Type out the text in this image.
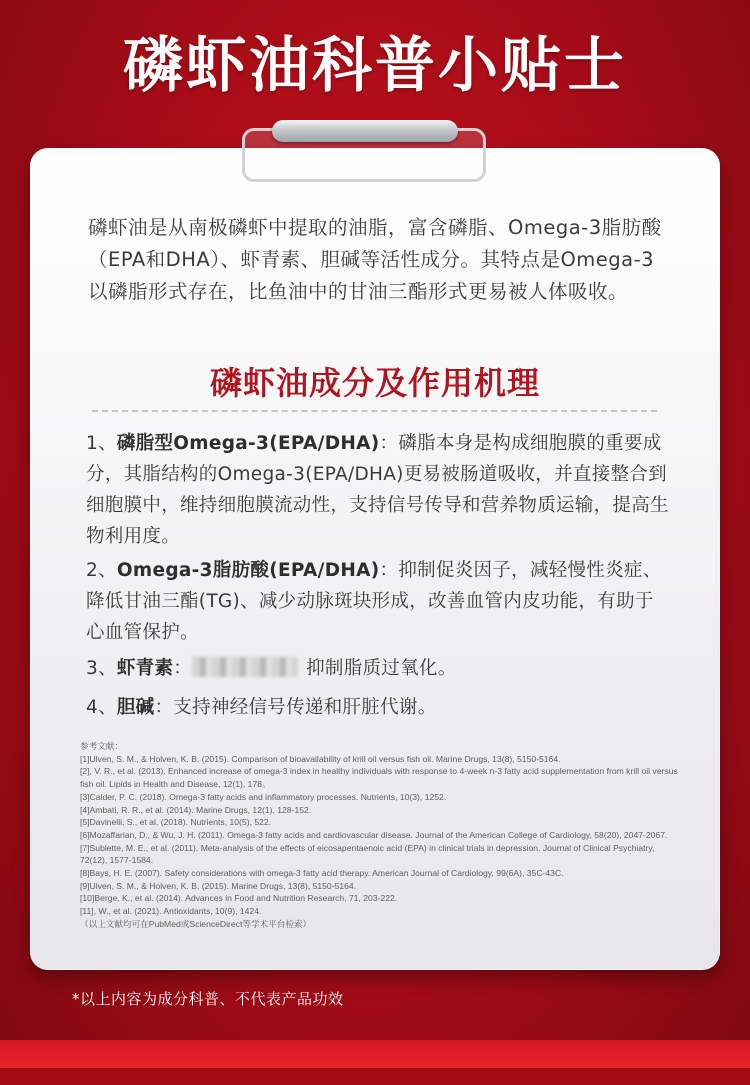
磷虾油科普小贴士
磷虾油是从南极磷虾中提取的油脂，富含磷脂、Omega-3脂肪酸（EPA和DHA）、虾青素、胆碱等活性成分。其特点是Omega-3以磷脂形式存在，比鱼油中的甘油三酯形式更易被人体吸收。
磷虾油成分及作用机理
1、磷脂型Omega-3(EPA/DHA)：磷脂本身是构成细胞膜的重要成分，其脂结构的Omega-3(EPA/DHA)更易被肠道吸收，并直接整合到细胞膜中，维持细胞膜流动性，支持信号传导和营养物质运输，提高生物利用度。
2、Omega-3脂肪酸(EPA/DHA)：抑制促炎因子，减轻慢性炎症、降低甘油三酯(TG)、减少动脉斑块形成，改善血管内皮功能，有助于心血管保护。
3、虾青素：	抑制脂质过氧化。
4、胆碱：支持神经信号传递和肝脏代谢。
参考文献：
[1]Ulven, S. M., & Holven, K. B. (2015). Comparison of bioavailability of krill oil versus fish oil. Marine Drugs, 13(8), 5150-5164.
[2], V. R., et al. (2013). Enhanced increase of omega-3 index in healthy individuals with response to 4-week n-3 fatty acid supplementation from krill oil versus fish oil. Lipids in Health and Disease, 12(1), 178。
[3]Calder, P. C. (2018). Omega-3 fatty acids and inflammatory processes. Nutrients, 10(3), 1252.
[4]Ambati, R. R., et al. (2014). Marine Drugs, 12(1), 128-152.
[5]Davinelli, S., et al. (2018). Nutrients, 10(5), 522.
[6]Mozaffarian, D., & Wu, J. H. (2011). Omega-3 fatty acids and cardiovascular disease. Journal of the American College of Cardiology, 58(20), 2047-2067.
[7]Sublette, M. E., et al. (2011). Meta-analysis of the effects of eicosapentaenoic acid (EPA) in clinical trials in depression. Journal of Clinical Psychiatry, 72(12), 1577-1584.
[8]Bays, H. E. (2007). Safety considerations with omega-3 fatty acid therapy. American Journal of Cardiology, 99(6A), 35C-43C.
[9]Ulven, S. M., & Holven, K. B. (2015). Marine Drugs, 13(8), 5150-5164.
[10]Berge, K., et al. (2014). Advances in Food and Nutrition Research, 71, 203-222.
[11], W., et al. (2021). Antioxidants, 10(9), 1424.
（以上文献均可在PubMed或ScienceDirect等学术平台检索）
*以上内容为成分科普、不代表产品功效
